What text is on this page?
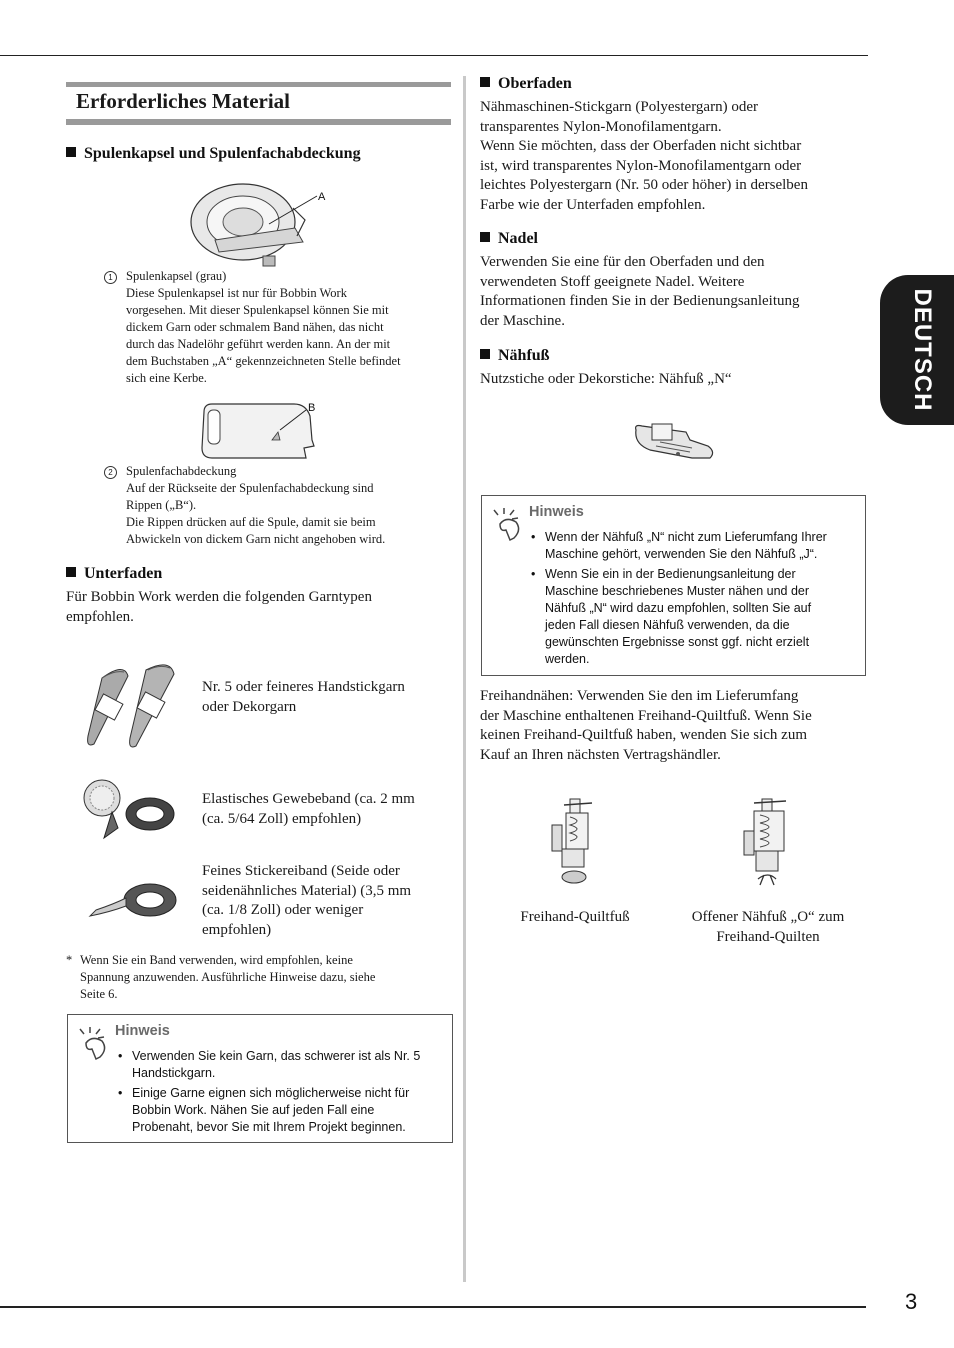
Erforderliches Material
Spulenkapsel und Spulenfachabdeckung
A
1 Spulenkapsel (grau)
Diese Spulenkapsel ist nur für Bobbin Work
vorgesehen. Mit dieser Spulenkapsel können Sie mit
dickem Garn oder schmalem Band nähen, das nicht
durch das Nadelöhr geführt werden kann. An der mit
dem Buchstaben „A“ gekennzeichneten Stelle befindet
sich eine Kerbe.
B
2 Spulenfachabdeckung
Auf der Rückseite der Spulenfachabdeckung sind
Rippen („B“).
Die Rippen drücken auf die Spule, damit sie beim
Abwickeln von dickem Garn nicht angehoben wird.
Unterfaden
Für Bobbin Work werden die folgenden Garntypen
empfohlen.
Nr. 5 oder feineres Handstickgarn
oder Dekorgarn
Elastisches Gewebeband (ca. 2 mm
(ca. 5/64 Zoll) empfohlen)
Feines Stickereiband (Seide oder
seidenähnliches Material) (3,5 mm
(ca. 1/8 Zoll) oder weniger
empfohlen)
* Wenn Sie ein Band verwenden, wird empfohlen, keine
Spannung anzuwenden. Ausführliche Hinweise dazu, siehe
Seite 6.
Hinweis
• Verwenden Sie kein Garn, das schwerer ist als Nr. 5
Handstickgarn.
• Einige Garne eignen sich möglicherweise nicht für
Bobbin Work. Nähen Sie auf jeden Fall eine
Probenaht, bevor Sie mit Ihrem Projekt beginnen.
Oberfaden
Nähmaschinen-Stickgarn (Polyestergarn) oder
transparentes Nylon-Monofilamentgarn.
Wenn Sie möchten, dass der Oberfaden nicht sichtbar
ist, wird transparentes Nylon-Monofilamentgarn oder
leichtes Polyestergarn (Nr. 50 oder höher) in derselben
Farbe wie der Unterfaden empfohlen.
Nadel
Verwenden Sie eine für den Oberfaden und den
verwendeten Stoff geeignete Nadel. Weitere
Informationen finden Sie in der Bedienungsanleitung
der Maschine.
Nähfuß
Nutzstiche oder Dekorstiche: Nähfuß „N“
Hinweis
• Wenn der Nähfuß „N“ nicht zum Lieferumfang Ihrer
Maschine gehört, verwenden Sie den Nähfuß „J“.
• Wenn Sie ein in der Bedienungsanleitung der
Maschine beschriebenes Muster nähen und der
Nähfuß „N“ wird dazu empfohlen, sollten Sie auf
jeden Fall diesen Nähfuß verwenden, da die
gewünschten Ergebnisse sonst ggf. nicht erzielt
werden.
Freihandnähen: Verwenden Sie den im Lieferumfang
der Maschine enthaltenen Freihand-Quiltfuß. Wenn Sie
keinen Freihand-Quiltfuß haben, wenden Sie sich zum
Kauf an Ihren nächsten Vertragshändler.
Freihand-Quiltfuß	Offener Nähfuß „O“ zum
Freihand-Quilten
DEUTSCH
3
